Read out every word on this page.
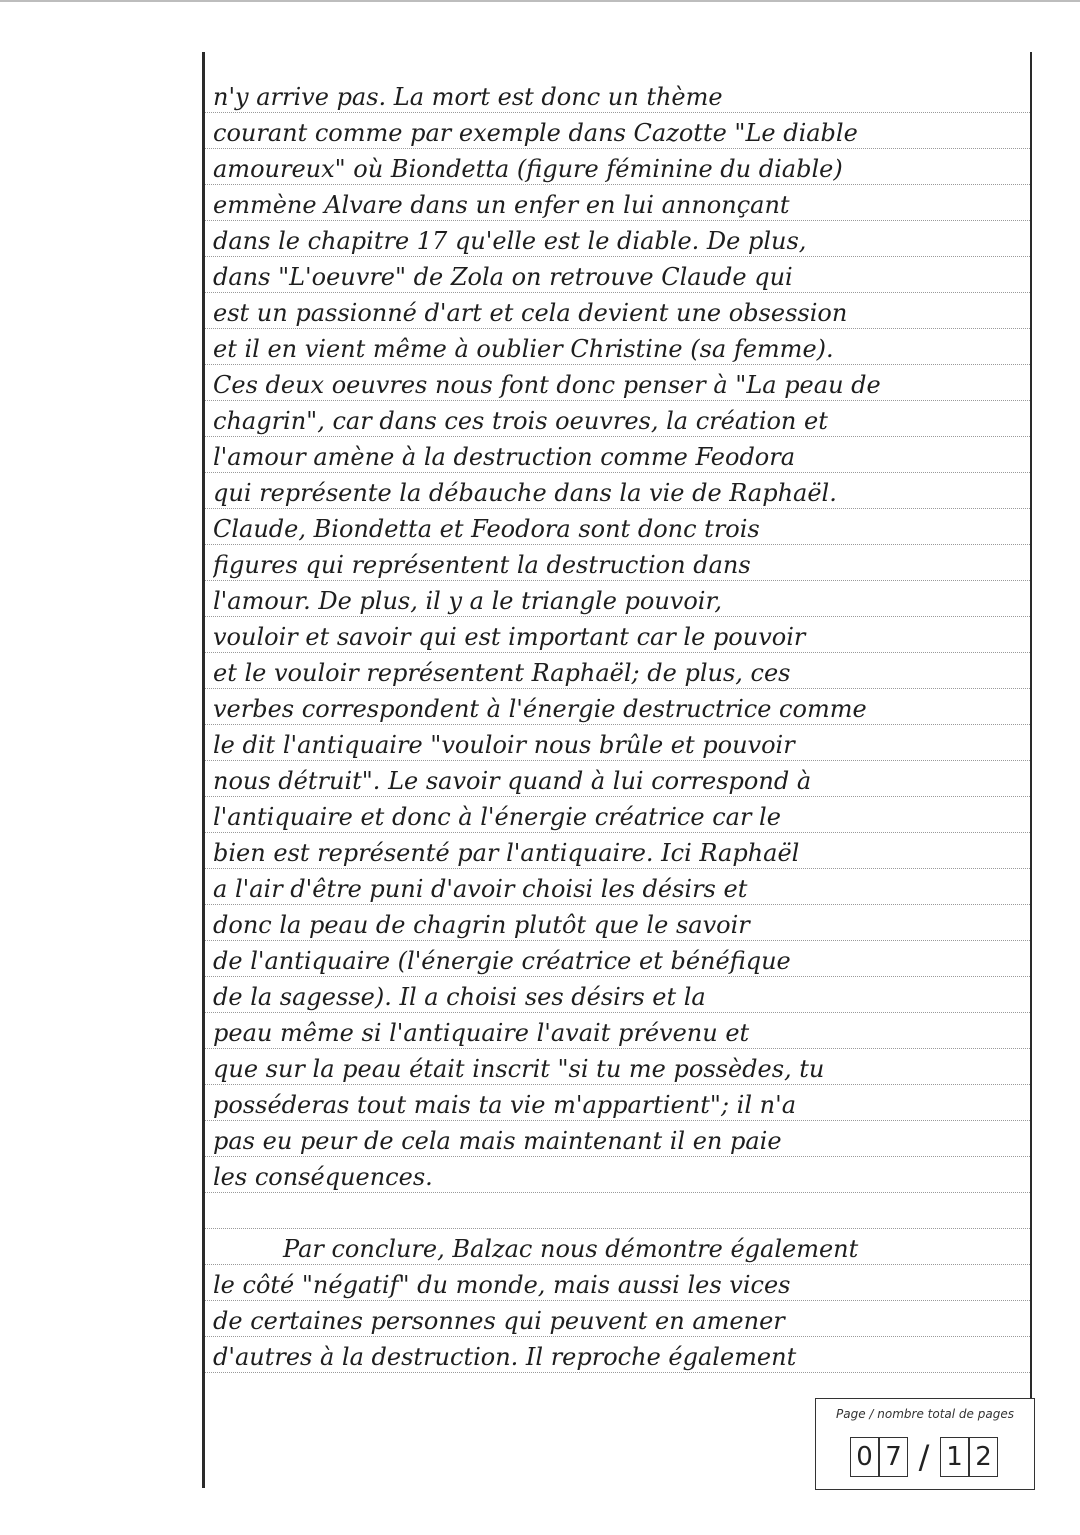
n'y arrive pas. La mort est donc un thème
courant comme par exemple dans Cazotte "Le diable
amoureux" où Biondetta (figure féminine du diable)
emmène Alvare dans un enfer en lui annonçant
dans le chapitre 17 qu'elle est le diable. De plus,
dans "L'oeuvre" de Zola on retrouve Claude qui
est un passionné d'art et cela devient une obsession
et il en vient même à oublier Christine (sa femme).
Ces deux oeuvres nous font donc penser à "La peau de
chagrin", car dans ces trois oeuvres, la création et
l'amour amène à la destruction comme Feodora
qui représente la débauche dans la vie de Raphaël.
Claude, Biondetta et Feodora sont donc trois
figures qui représentent la destruction dans
l'amour. De plus, il y a le triangle pouvoir,
vouloir et savoir qui est important car le pouvoir
et le vouloir représentent Raphaël; de plus, ces
verbes correspondent à l'énergie destructrice comme
le dit l'antiquaire "vouloir nous brûle et pouvoir
nous détruit". Le savoir quand à lui correspond à
l'antiquaire et donc à l'énergie créatrice car le
bien est représenté par l'antiquaire. Ici Raphaël
a l'air d'être puni d'avoir choisi les désirs et
donc la peau de chagrin plutôt que le savoir
de l'antiquaire (l'énergie créatrice et bénéfique
de la sagesse). Il a choisi ses désirs et la
peau même si l'antiquaire l'avait prévenu et
que sur la peau était inscrit "si tu me possèdes, tu
posséderas tout mais ta vie m'appartient"; il n'a
pas eu peur de cela mais maintenant il en paie
les conséquences.
Par conclure, Balzac nous démontre également
le côté "négatif" du monde, mais aussi les vices
de certaines personnes qui peuvent en amener
d'autres à la destruction. Il reproche également
Page / nombre total de pages
0 7 / 1 2
